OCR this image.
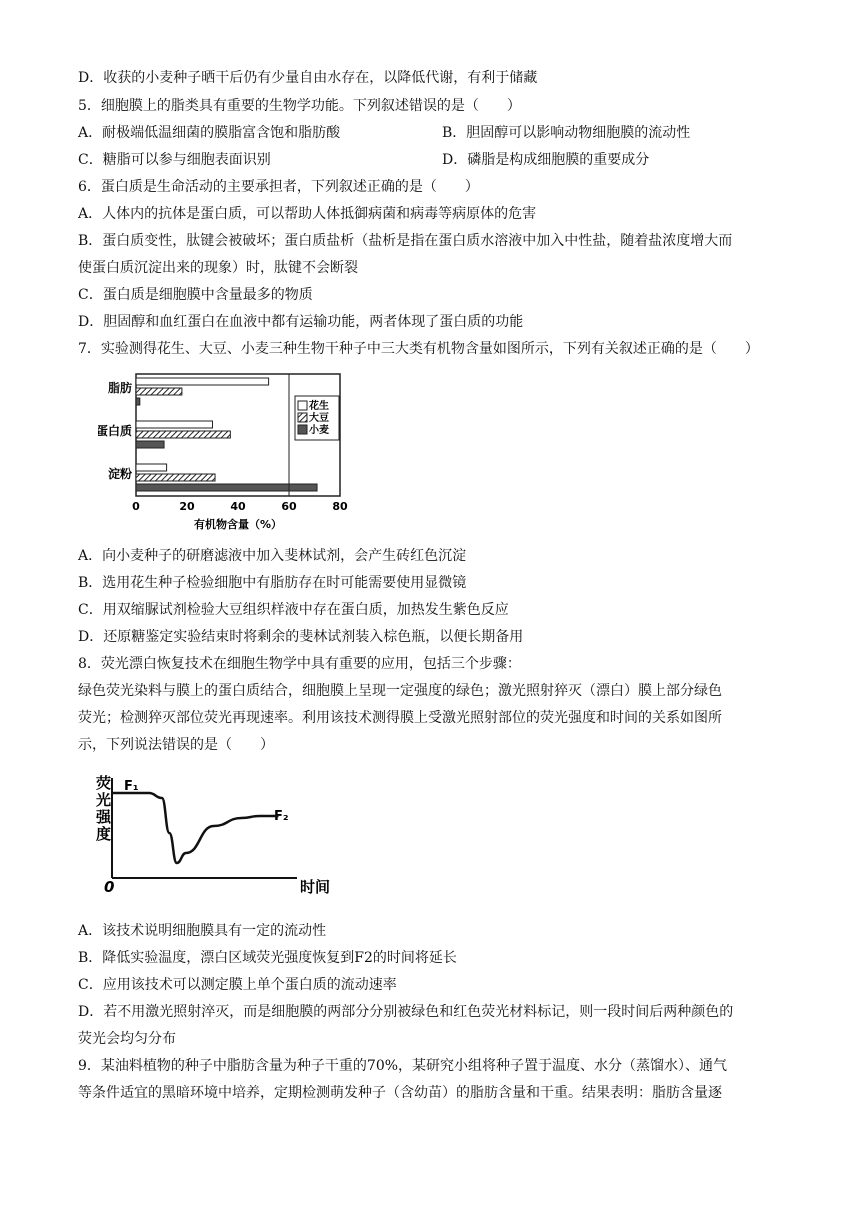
D．收获的小麦种子晒干后仍有少量自由水存在，以降低代谢，有利于储藏
5．细胞膜上的脂类具有重要的生物学功能。下列叙述错误的是（　　）
A．耐极端低温细菌的膜脂富含饱和脂肪酸	B．胆固醇可以影响动物细胞膜的流动性
C．糖脂可以参与细胞表面识别	D．磷脂是构成细胞膜的重要成分
6．蛋白质是生命活动的主要承担者，下列叙述正确的是（　　）
A．人体内的抗体是蛋白质，可以帮助人体抵御病菌和病毒等病原体的危害
B．蛋白质变性，肽键会被破坏；蛋白质盐析（盐析是指在蛋白质水溶液中加入中性盐，随着盐浓度增大而
使蛋白质沉淀出来的现象）时，肽键不会断裂
C．蛋白质是细胞膜中含量最多的物质
D．胆固醇和血红蛋白在血液中都有运输功能，两者体现了蛋白质的功能
7．实验测得花生、大豆、小麦三种生物干种子中三大类有机物含量如图所示，下列有关叙述正确的是（　　）
0	20	40	60	80
脂肪
蛋白质
淀粉
花生
大豆
小麦
有机物含量（%）
A．向小麦种子的研磨滤液中加入斐林试剂，会产生砖红色沉淀
B．选用花生种子检验细胞中有脂肪存在时可能需要使用显微镜
C．用双缩脲试剂检验大豆组织样液中存在蛋白质，加热发生紫色反应
D．还原糖鉴定实验结束时将剩余的斐林试剂装入棕色瓶，以便长期备用
8．荧光漂白恢复技术在细胞生物学中具有重要的应用，包括三个步骤：
绿色荧光染料与膜上的蛋白质结合，细胞膜上呈现一定强度的绿色；激光照射猝灭（漂白）膜上部分绿色
荧光；检测猝灭部位荧光再现速率。利用该技术测得膜上受激光照射部位的荧光强度和时间的关系如图所
示，下列说法错误的是（　　）
荧光强度
0	时间
F₁
F₂
A．该技术说明细胞膜具有一定的流动性
B．降低实验温度，漂白区域荧光强度恢复到F2的时间将延长
C．应用该技术可以测定膜上单个蛋白质的流动速率
D．若不用激光照射淬灭，而是细胞膜的两部分分别被绿色和红色荧光材料标记，则一段时间后两种颜色的
荧光会均匀分布
9．某油料植物的种子中脂肪含量为种子干重的70%，某研究小组将种子置于温度、水分（蒸馏水）、通气
等条件适宜的黑暗环境中培养，定期检测萌发种子（含幼苗）的脂肪含量和干重。结果表明：脂肪含量逐
